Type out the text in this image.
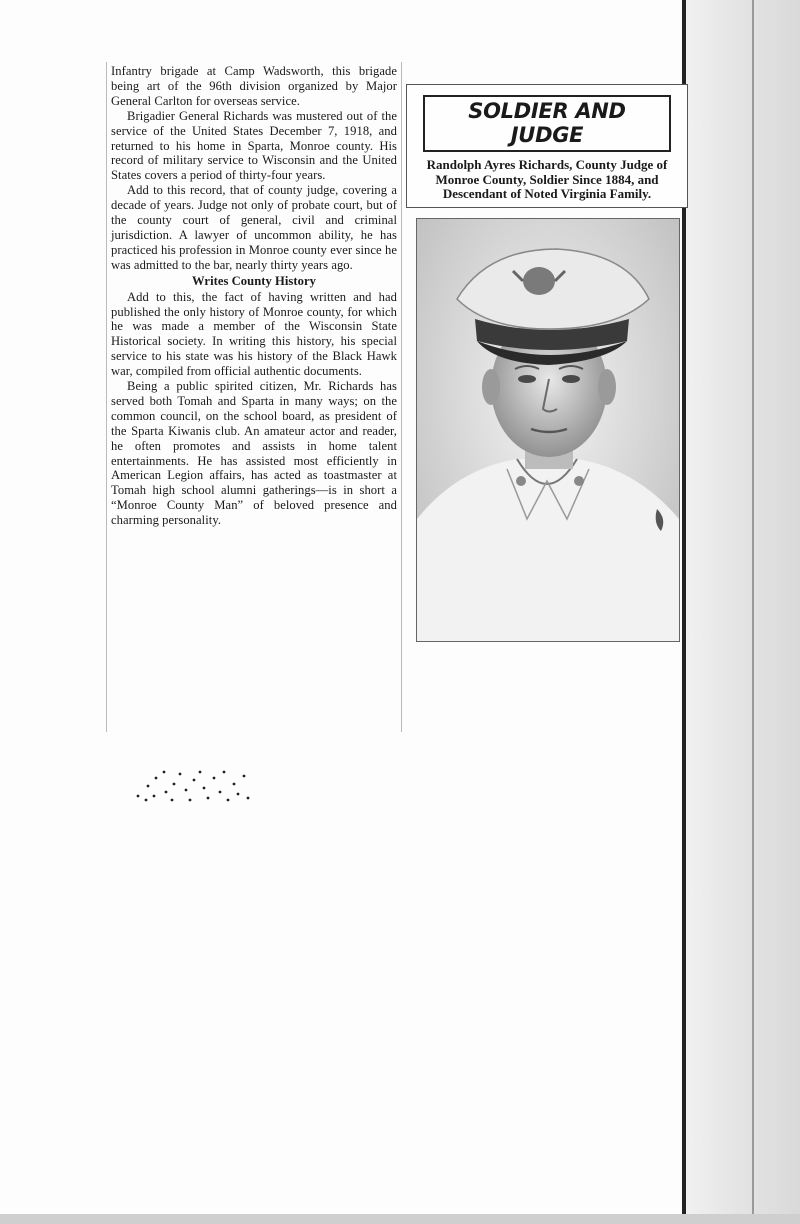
Infantry brigade at Camp Wadsworth, this brigade being art of the 96th division organized by Major General Carlton for overseas service.

Brigadier General Richards was mustered out of the service of the United States December 7, 1918, and returned to his home in Sparta, Monroe county. His record of military service to Wisconsin and the United States covers a period of thirty-four years.

Add to this record, that of county judge, covering a decade of years. Judge not only of probate court, but of the county court of general, civil and criminal jurisdiction. A lawyer of uncommon ability, he has practiced his profession in Monroe county ever since he was admitted to the bar, nearly thirty years ago.

Writes County History

Add to this, the fact of having written and had published the only history of Monroe county, for which he was made a member of the Wisconsin State Historical society. In writing this history, his special service to his state was his history of the Black Hawk war, compiled from official authentic documents.

Being a public spirited citizen, Mr. Richards has served both Tomah and Sparta in many ways; on the common council, on the school board, as president of the Sparta Kiwanis club. An amateur actor and reader, he often promotes and assists in home talent entertainments. He has assisted most efficiently in American Legion affairs, has acted as toastmaster at Tomah high school alumni gatherings—is in short a “Monroe County Man” of beloved presence and charming personality.

SOLDIER AND JUDGE
Randolph Ayres Richards, County Judge of Monroe County, Soldier Since 1884, and Descendant of Noted Virginia Family.
